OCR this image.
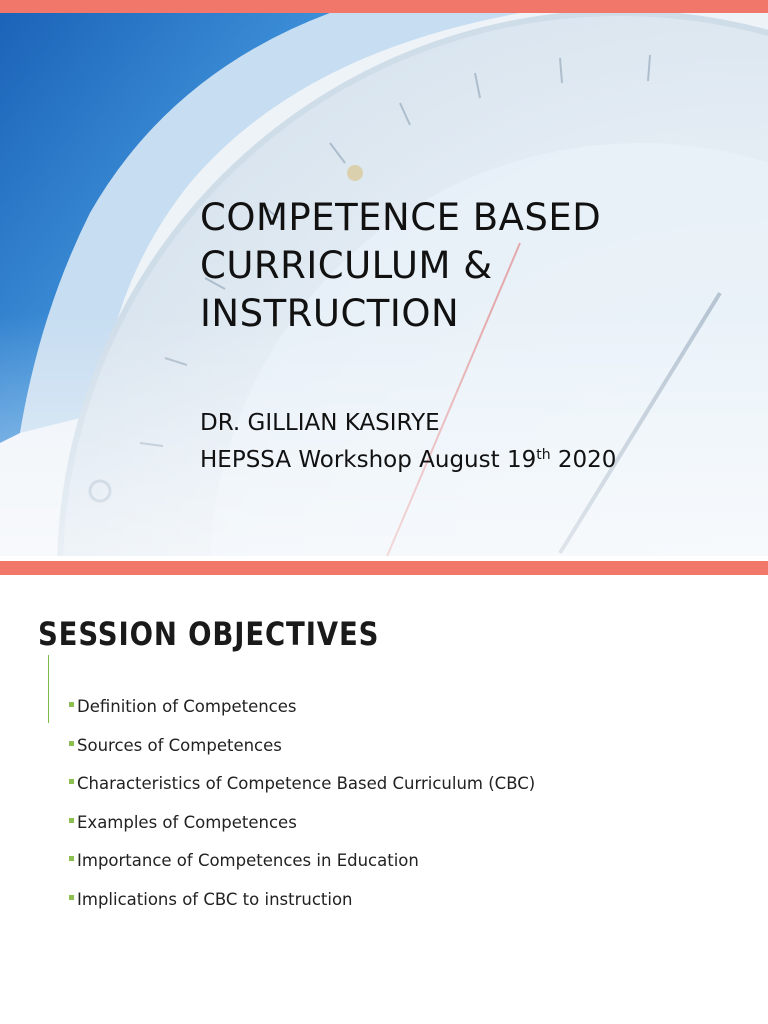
COMPETENCE BASED
CURRICULUM &
INSTRUCTION
DR. GILLIAN KASIRYE
HEPSSA Workshop August 19th 2020
SESSION OBJECTIVES
Definition of Competences
Sources of Competences
Characteristics of Competence Based Curriculum (CBC)
Examples of Competences
Importance of Competences in Education
Implications of CBC to instruction
